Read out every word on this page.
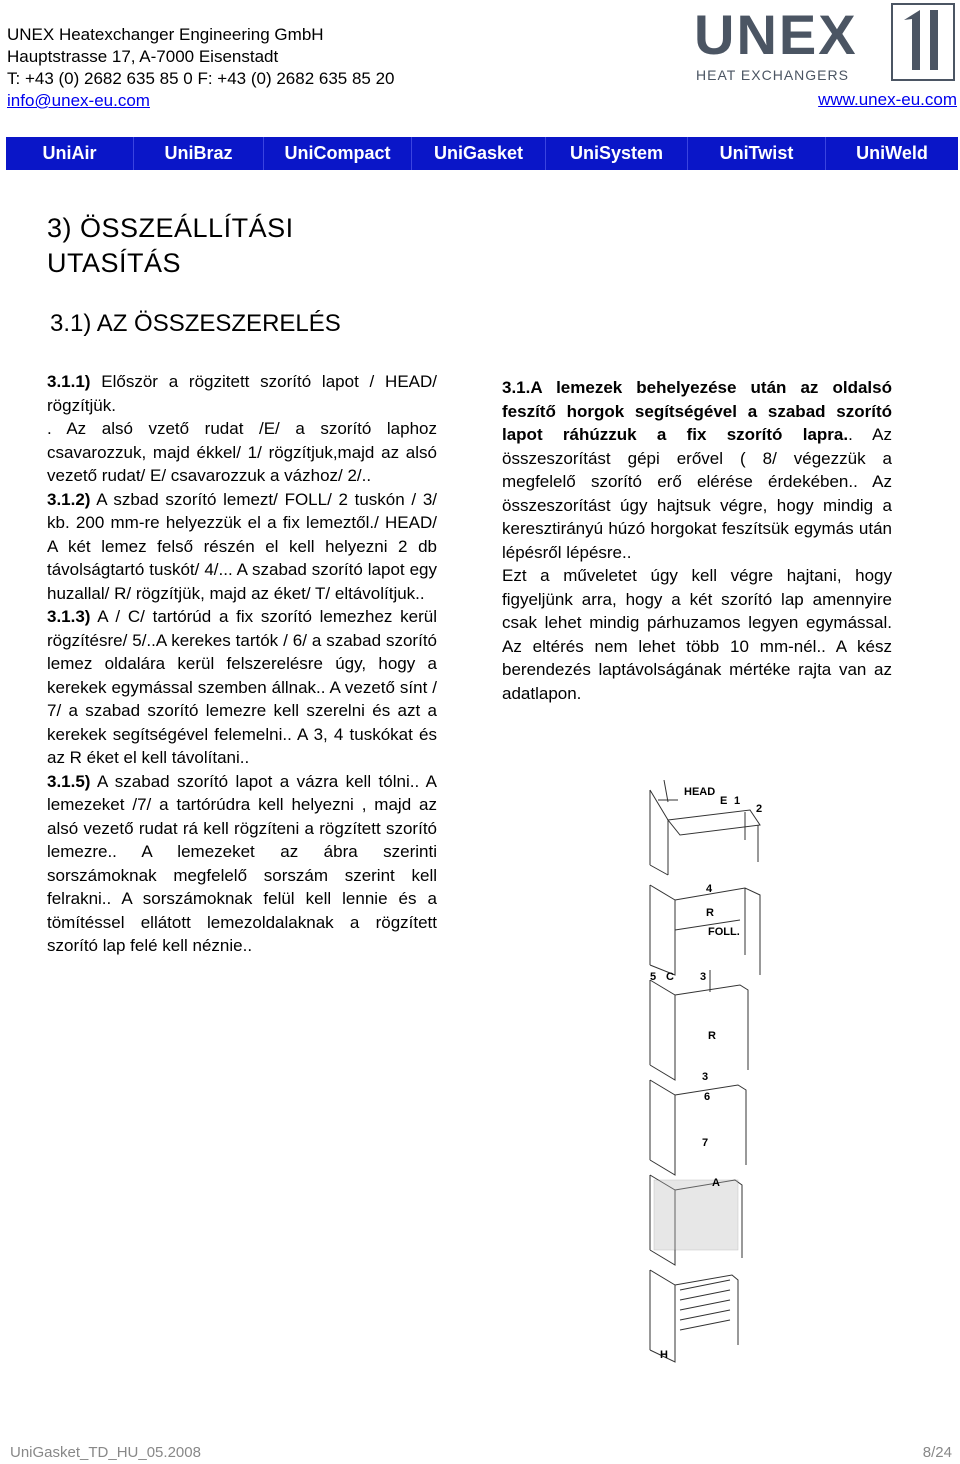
UNEX Heatexchanger Engineering GmbH
Hauptstrasse 17, A-7000 Eisenstadt
T: +43 (0) 2682 635 85 0 F: +43 (0) 2682 635 85 20
info@unex-eu.com	www.unex-eu.com
UNEX
HEAT EXCHANGERS
UniAir	UniBraz	UniCompact	UniGasket	UniSystem	UniTwist	UniWeld
3) ÖSSZEÁLLÍTÁSI
UTASÍTÁS
3.1) AZ ÖSSZESZERELÉS

3.1.1) Először a rögzitett szorító lapot / HEAD/ rögzítjük.

. Az alsó vzető rudat /E/ a szorító laphoz csavarozzuk, majd ékkel/ 1/ rögzítjuk,majd az alsó vezető rudat/ E/ csavarozzuk a vázhoz/ 2/..

3.1.2) A szbad szorító lemezt/ FOLL/ 2 tuskón / 3/ kb. 200 mm-re helyezzük el a fix lemeztől./ HEAD/ A két lemez felső részén el kell helyezni 2 db távolságtartó tuskót/ 4/... A szabad szorító lapot egy huzallal/ R/ rögzítjük, majd az éket/ T/ eltávolítjuk..

3.1.3) A / C/ tartórúd a fix szorító lemezhez kerül rögzítésre/ 5/..A kerekes tartók / 6/ a szabad szorító lemez oldalára kerül felszerelésre úgy, hogy a kerekek egymással szemben állnak.. A vezető sínt / 7/ a szabad szorító lemezre kell szerelni és azt a kerekek segítségével felemelni.. A 3, 4 tuskókat és az R éket el kell távolítani..

3.1.5) A szabad szorító lapot a vázra kell tólni.. A lemezeket /7/ a tartórúdra kell helyezni , majd az alsó vezető rudat rá kell rögzíteni a rögzített szorító lemezre.. A lemezeket az ábra szerinti sorszámoknak megfelelő sorszám szerint kell felrakni.. A sorszámoknak felül kell lennie és a tömítéssel ellátott lemezoldalaknak a rögzített szorító lap felé kell néznie..

3.1.A lemezek behelyezése után az oldalsó feszítő horgok segítségével a szabad szorító lapot ráhúzzuk a fix szorító lapra.. Az összeszorítást gépi erővel ( 8/ végezzük a megfelelő szorító erő elérése érdekében.. Az összeszorítást úgy hajtsuk végre, hogy mindig a keresztirányú húzó horgokat feszítsük egymás után lépésről lépésre..

Ezt a műveletet úgy kell végre hajtani, hogy figyeljünk arra, hogy a két szorító lap amennyire csak lehet mindig párhuzamos legyen egymással. Az eltérés nem lehet több 10 mm-nél.. A kész berendezés laptávolságának mértéke rajta van az adatlapon.

HEAD
E 1
2
4
R
FOLL.
5 C 3
R
3
6
7
A
H
UniGasket_TD_HU_05.2008	8/24
